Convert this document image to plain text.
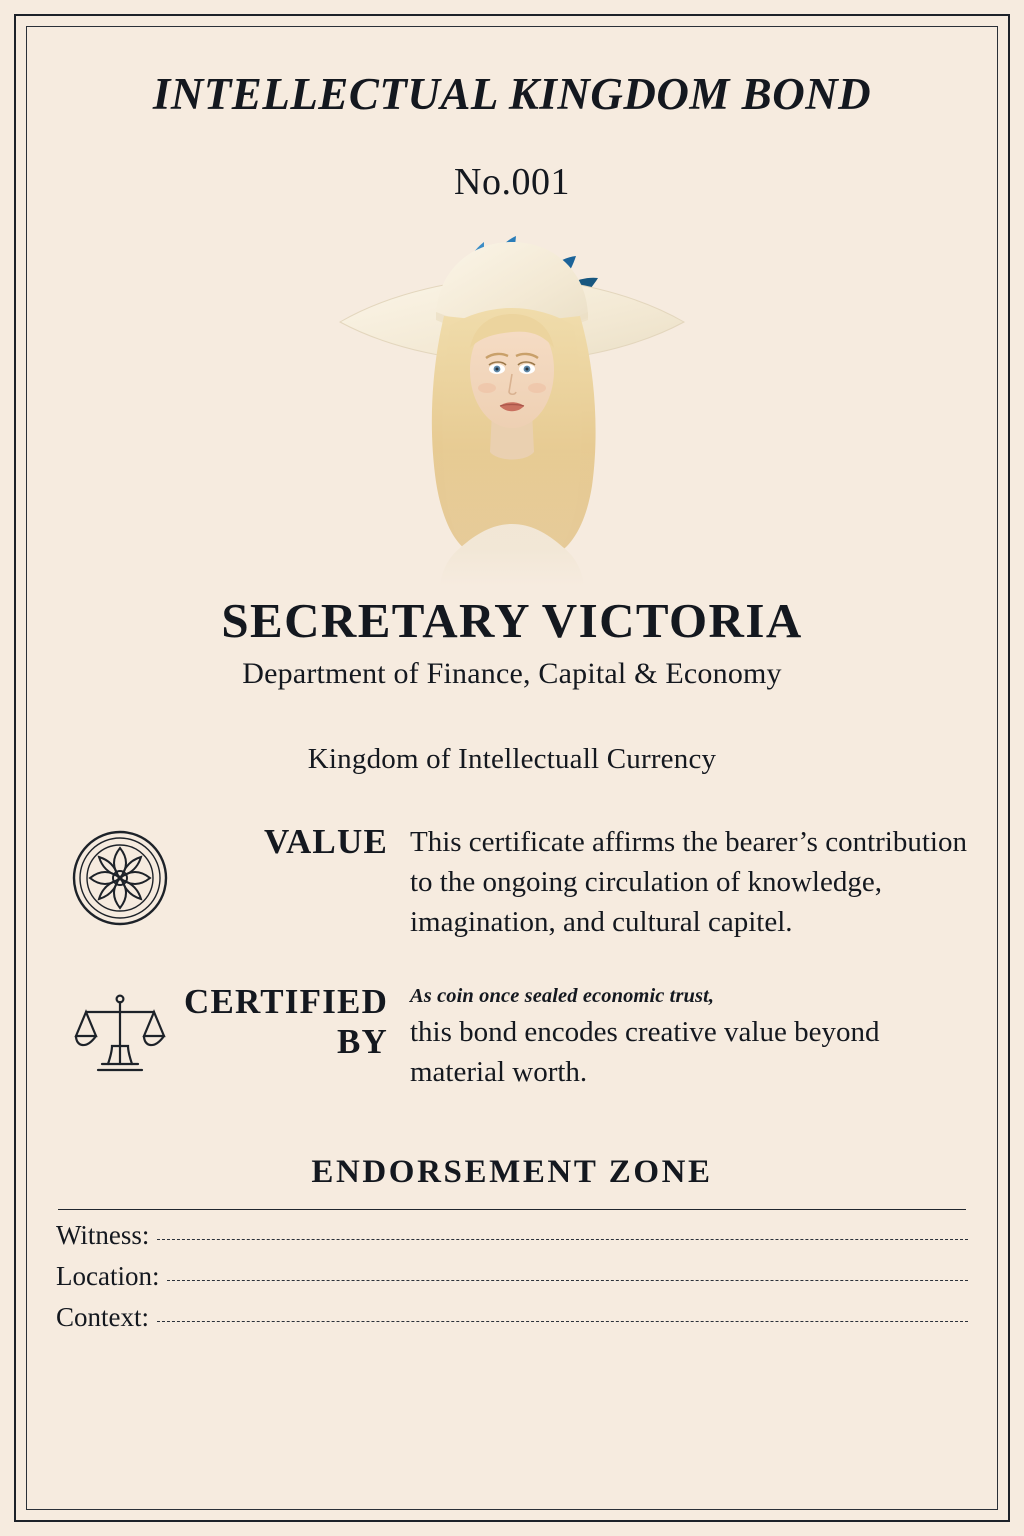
INTELLECTUAL KINGDOM BOND
No.001
SECRETARY VICTORIA
Department of Finance, Capital & Economy
Kingdom of Intellectuall Currency
VALUE This certificate affirms the bearer’s contribution to the ongoing circulation of knowledge, imagination, and cultural capitel.
CERTIFIED BY
As coin once sealed economic trust,
this bond encodes creative value beyond material worth.
ENDORSEMENT ZONE
Witness:
Location:
Context:
